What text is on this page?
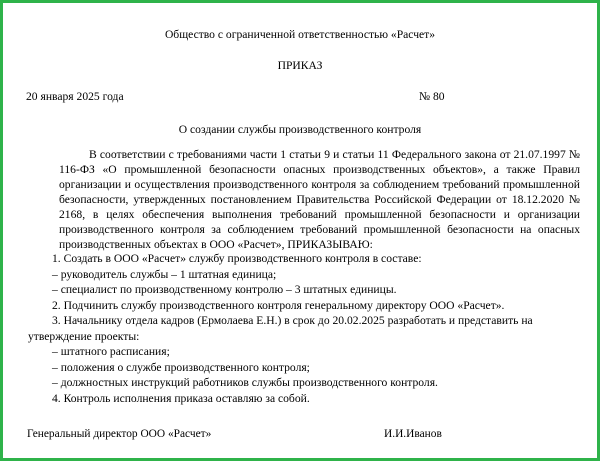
Общество с ограниченной ответственностью «Расчет»
ПРИКАЗ
20 января 2025 года	№ 80
О создании службы производственного контроля

В соответствии с требованиями части 1 статьи 9 и статьи 11 Федерального закона от 21.07.1997 № 116-ФЗ «О промышленной безопасности опасных производственных объектов», а также Правил организации и осуществления производственного контроля за соблюдением требований промышленной безопасности, утвержденных постановлением Правительства Российской Федерации от 18.12.2020 № 2168, в целях обеспечения выполнения требований промышленной безопасности и организации производственного контроля за соблюдением требований промышленной безопасности на опасных производственных объектах в ООО «Расчет», ПРИКАЗЫВАЮ:

1. Создать в ООО «Расчет» службу производственного контроля в составе:
– руководитель службы – 1 штатная единица;
– специалист по производственному контролю – 3 штатных единицы.
2. Подчинить службу производственного контроля генеральному директору ООО «Расчет».
3. Начальнику отдела кадров (Ермолаева Е.Н.) в срок до 20.02.2025 разработать и представить на
утверждение проекты:
– штатного расписания;
– положения о службе производственного контроля;
– должностных инструкций работников службы производственного контроля.
4. Контроль исполнения приказа оставляю за собой.
Генеральный директор ООО «Расчет»	И.И.Иванов
